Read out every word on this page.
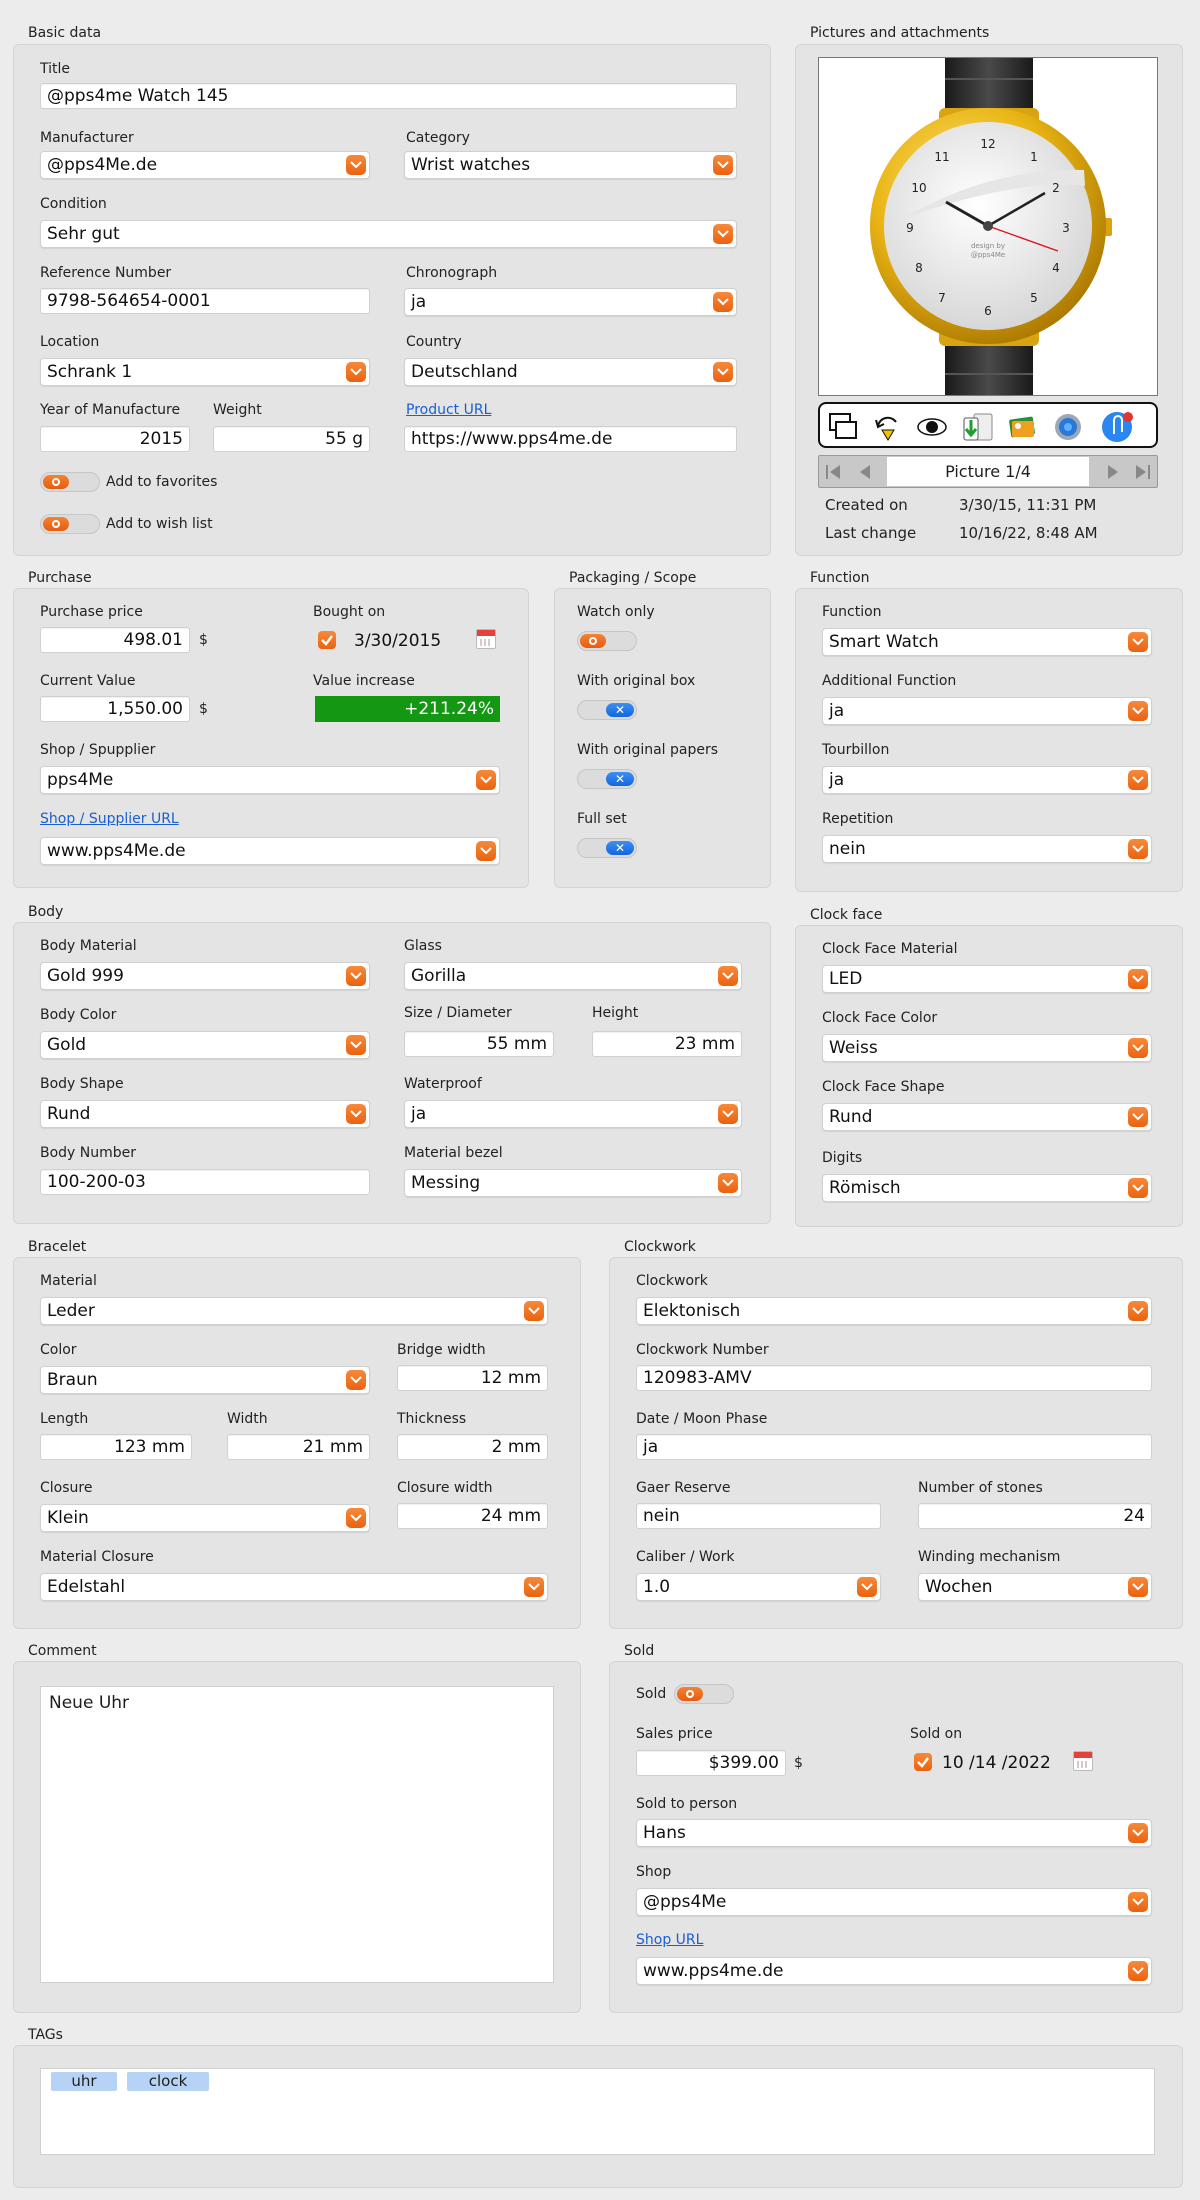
Basic data
Title
@pps4me Watch 145
Manufacturer
@pps4Me.de
Category
Wrist watches
Condition
Sehr gut
Reference Number
9798-564654-0001
Chronograph
ja
Location
Schrank 1
Country
Deutschland
Year of Manufacture
2015
Weight
55 g
Product URL
https://www.pps4me.de
Add to favorites
Add to wish list
Pictures and attachments
12
1
2
3
4
5
6
7
8
9
10
11
design by
@pps4Me
Picture 1/4
Created on	3/30/15, 11:31 PM
Last change	10/16/22, 8:48 AM
Purchase
Purchase price
498.01	$
Bought on
3/30/2015
Current Value
1,550.00	$
Value increase
+211.24%
Shop / Spupplier
pps4Me
Shop / Supplier URL
www.pps4Me.de
Packaging / Scope
Watch only
With original box
✕
With original papers
✕
Full set
✕
Function
Function
Smart Watch
Additional Function
ja
Tourbillon
ja
Repetition
nein
Body
Body Material
Gold 999
Glass
Gorilla
Body Color
Gold
Size / Diameter
55 mm
Height
23 mm
Body Shape
Rund
Waterproof
ja
Body Number
100-200-03
Material bezel
Messing
Clock face
Clock Face Material
LED
Clock Face Color
Weiss
Clock Face Shape
Rund
Digits
Römisch
Bracelet
Material
Leder
Color
Braun
Bridge width
12 mm
Length
123 mm
Width
21 mm
Thickness
2 mm
Closure
Klein
Closure width
24 mm
Material Closure
Edelstahl
Clockwork
Clockwork
Elektonisch
Clockwork Number
120983-AMV
Date / Moon Phase
ja
Gaer Reserve
nein
Number of stones
24
Caliber / Work
1.0
Winding mechanism
Wochen
Comment
Neue Uhr
Sold
Sold
Sales price
$399.00	$
Sold on
10 /14 /2022
Sold to person
Hans
Shop
@pps4Me
Shop URL
www.pps4me.de
TAGs
uhr	clock
